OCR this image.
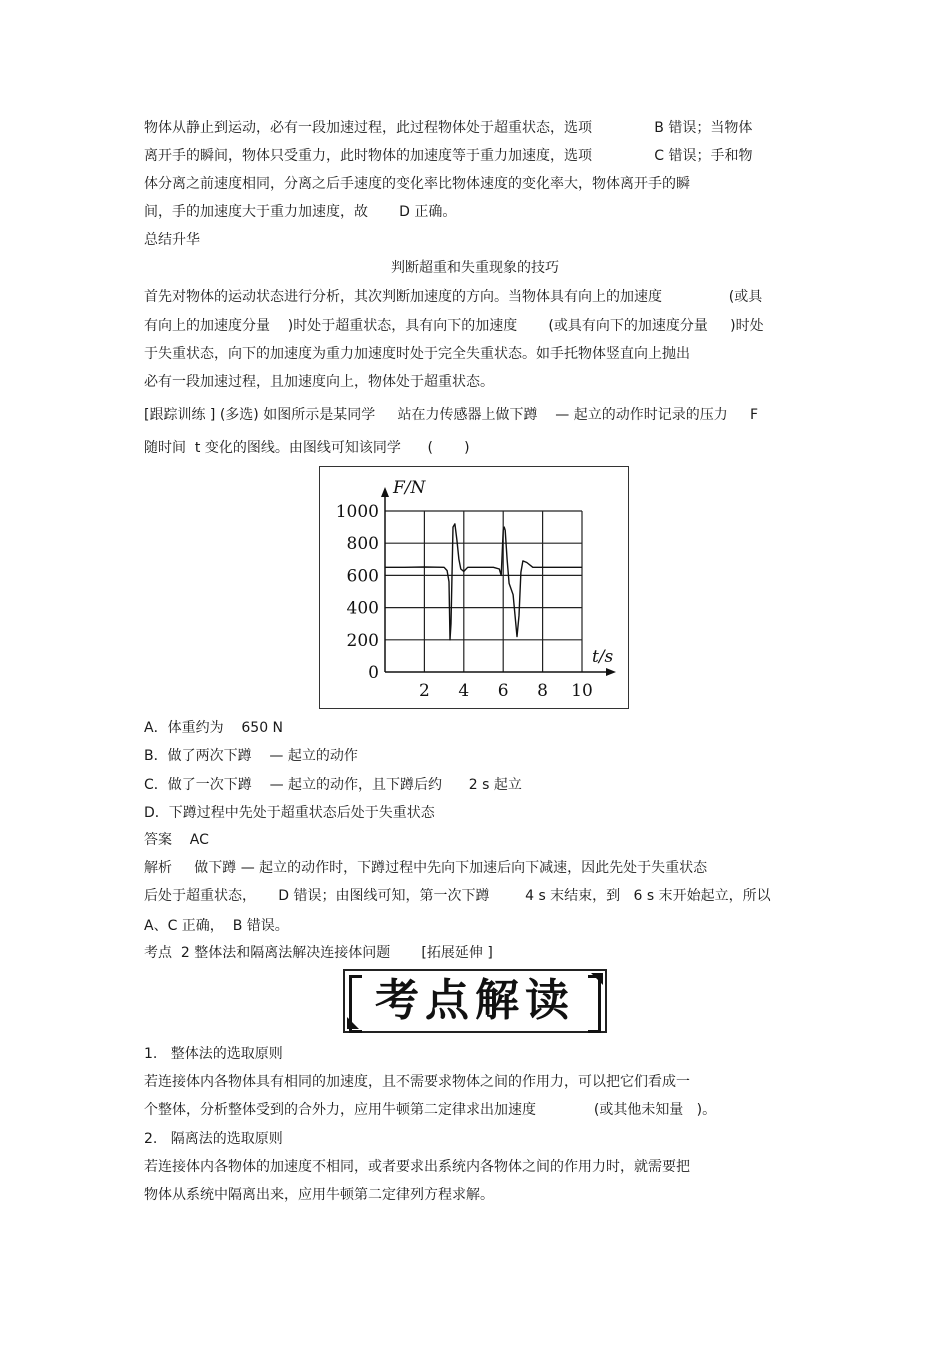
物体从静止到运动，必有一段加速过程，此过程物体处于超重状态，选项              B 错误；当物体
离开手的瞬间，物体只受重力，此时物体的加速度等于重力加速度，选项              C 错误；手和物
体分离之前速度相同，分离之后手速度的变化率比物体速度的变化率大，物体离开手的瞬
间，手的加速度大于重力加速度，故       D 正确。
总结升华
判断超重和失重现象的技巧
首先对物体的运动状态进行分析，其次判断加速度的方向。当物体具有向上的加速度               (或具
有向上的加速度分量    )时处于超重状态，具有向下的加速度       (或具有向下的加速度分量     )时处
于失重状态，向下的加速度为重力加速度时处于完全失重状态。如手托物体竖直向上抛出
必有一段加速过程，且加速度向上，物体处于超重状态。
[跟踪训练 ] (多选) 如图所示是某同学     站在力传感器上做下蹲    — 起立的动作时记录的压力     F
随时间  t 变化的图线。由图线可知该同学      (       )
1000
800
600
400
200
0
2 4 6 8 10
F/N
t/s
A．体重约为    650 N
B．做了两次下蹲    — 起立的动作
C．做了一次下蹲    — 起立的动作，且下蹲后约      2 s 起立
D．下蹲过程中先处于超重状态后处于失重状态
答案    AC
解析     做下蹲 — 起立的动作时，下蹲过程中先向下加速后向下减速，因此先处于失重状态
后处于超重状态，     D 错误；由图线可知，第一次下蹲        4 s 末结束，到   6 s 末开始起立，所以
A、C 正确，  B 错误。
考点  2 整体法和隔离法解决连接体问题       [拓展延伸 ]
考点解读
1.   整体法的选取原则
若连接体内各物体具有相同的加速度，且不需要求物体之间的作用力，可以把它们看成一
个整体，分析整体受到的合外力，应用牛顿第二定律求出加速度             (或其他未知量   )。
2.   隔离法的选取原则
若连接体内各物体的加速度不相同，或者要求出系统内各物体之间的作用力时，就需要把
物体从系统中隔离出来，应用牛顿第二定律列方程求解。
